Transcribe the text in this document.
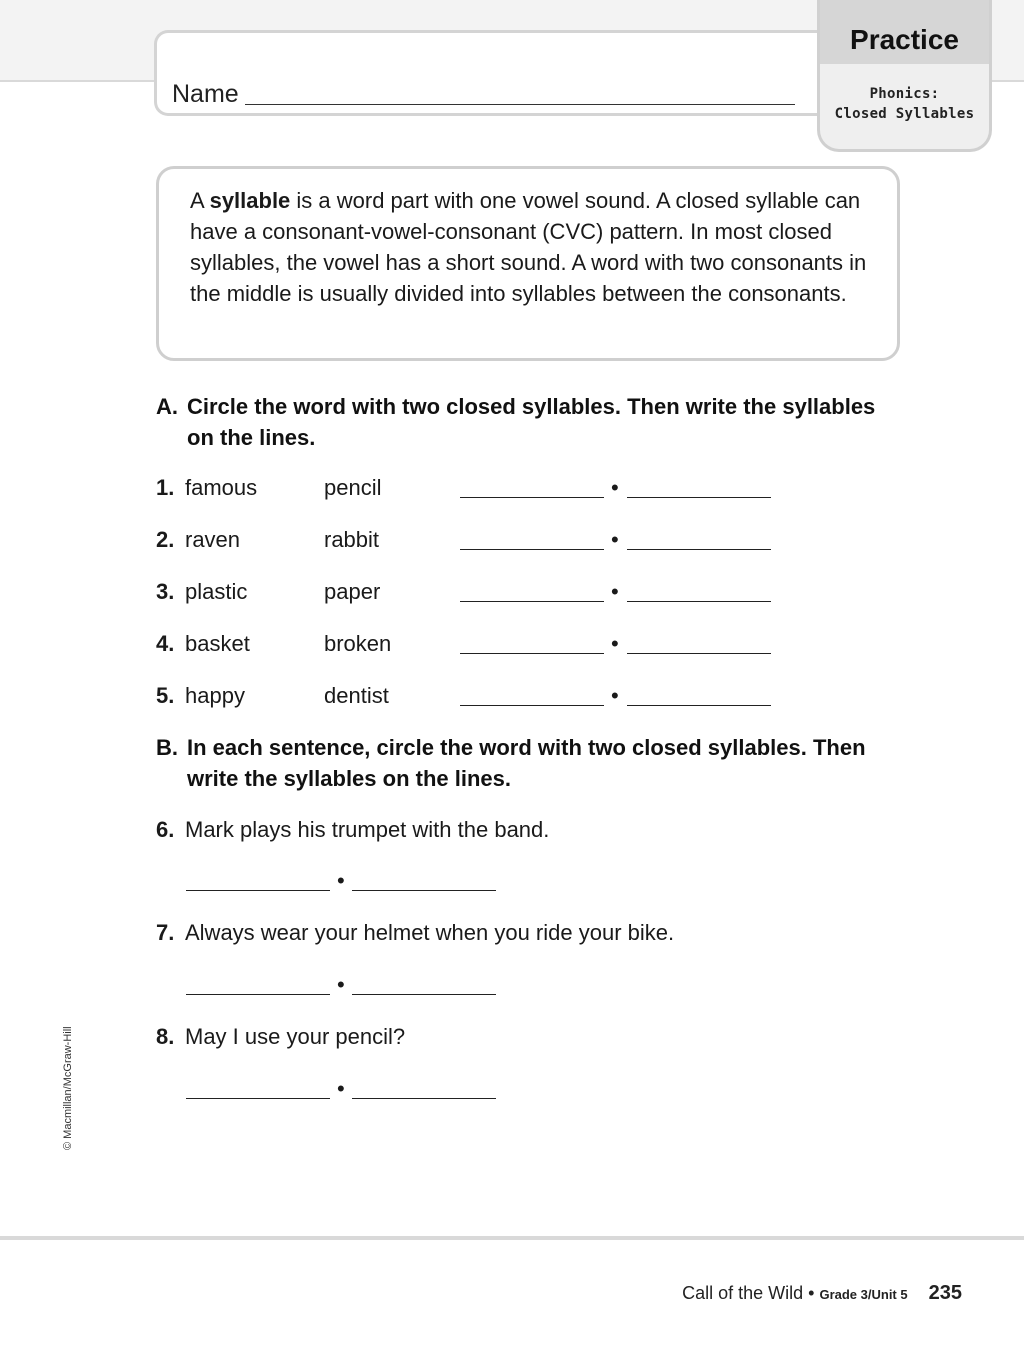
Name
Practice
Phonics:
Closed Syllables
A syllable is a word part with one vowel sound. A closed syllable can have a consonant-vowel-consonant (CVC) pattern. In most closed syllables, the vowel has a short sound. A word with two consonants in the middle is usually divided into syllables between the consonants.
A. Circle the word with two closed syllables. Then write the syllables on the lines.
1. famous	pencil	•
2. raven	rabbit	•
3. plastic	paper	•
4. basket	broken	•
5. happy	dentist	•
B. In each sentence, circle the word with two closed syllables. Then write the syllables on the lines.
6. Mark plays his trumpet with the band.
•
7. Always wear your helmet when you ride your bike.
•
8. May I use your pencil?
•
© Macmillan/McGraw-Hill
Call of the Wild • Grade 3/Unit 5 235
